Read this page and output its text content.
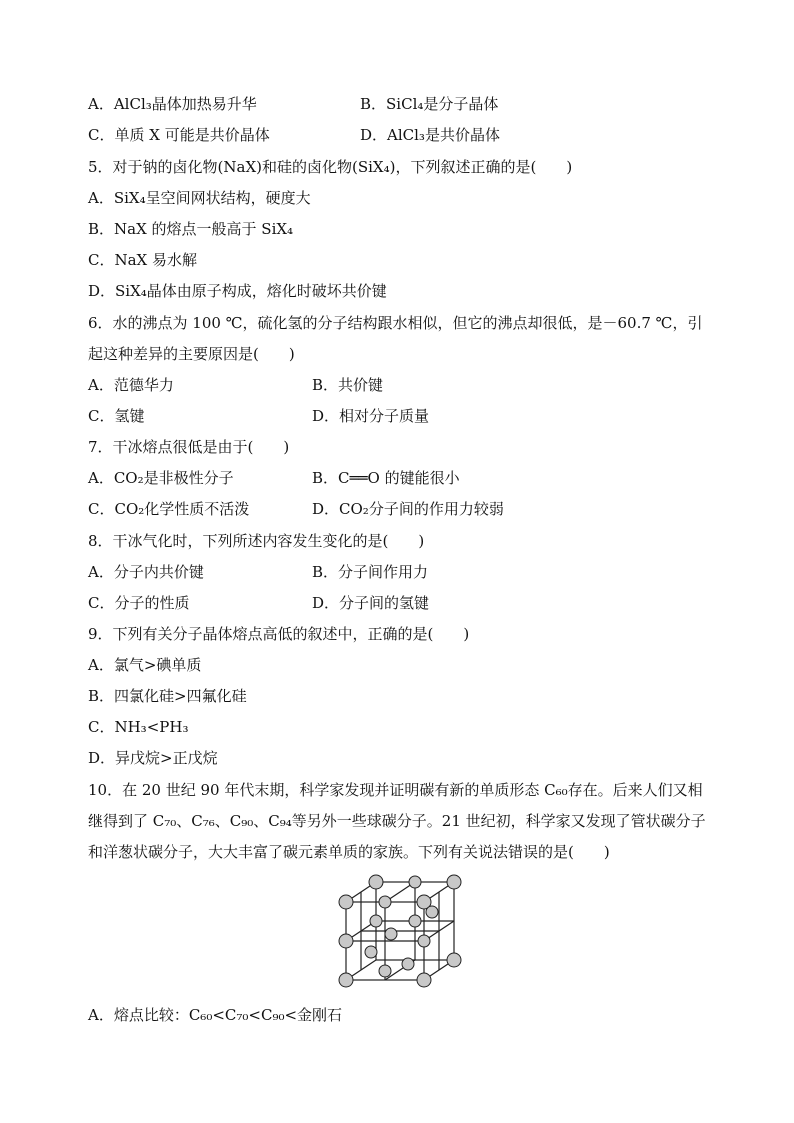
A．AlCl₃晶体加热易升华	B．SiCl₄是分子晶体
C．单质 X 可能是共价晶体	D．AlCl₃是共价晶体
5．对于钠的卤化物(NaX)和硅的卤化物(SiX₄)，下列叙述正确的是(　　)
A．SiX₄呈空间网状结构，硬度大
B．NaX 的熔点一般高于 SiX₄
C．NaX 易水解
D．SiX₄晶体由原子构成，熔化时破坏共价键
6．水的沸点为 100 ℃，硫化氢的分子结构跟水相似，但它的沸点却很低，是－60.7 ℃，引
起这种差异的主要原因是(　　)
A．范德华力	B．共价键
C．氢键	D．相对分子质量
7．干冰熔点很低是由于(　　)
A．CO₂是非极性分子	B．C══O 的键能很小
C．CO₂化学性质不活泼	D．CO₂分子间的作用力较弱
8．干冰气化时，下列所述内容发生变化的是(　　)
A．分子内共价键	B．分子间作用力
C．分子的性质	D．分子间的氢键
9．下列有关分子晶体熔点高低的叙述中，正确的是(　　)
A．氯气>碘单质
B．四氯化硅>四氟化硅
C．NH₃<PH₃
D．异戊烷>正戊烷
10．在 20 世纪 90 年代末期，科学家发现并证明碳有新的单质形态 C₆₀存在。后来人们又相
继得到了 C₇₀、C₇₆、C₉₀、C₉₄等另外一些球碳分子。21 世纪初，科学家又发现了管状碳分子
和洋葱状碳分子，大大丰富了碳元素单质的家族。下列有关说法错误的是(　　)
A．熔点比较：C₆₀<C₇₀<C₉₀<金刚石
